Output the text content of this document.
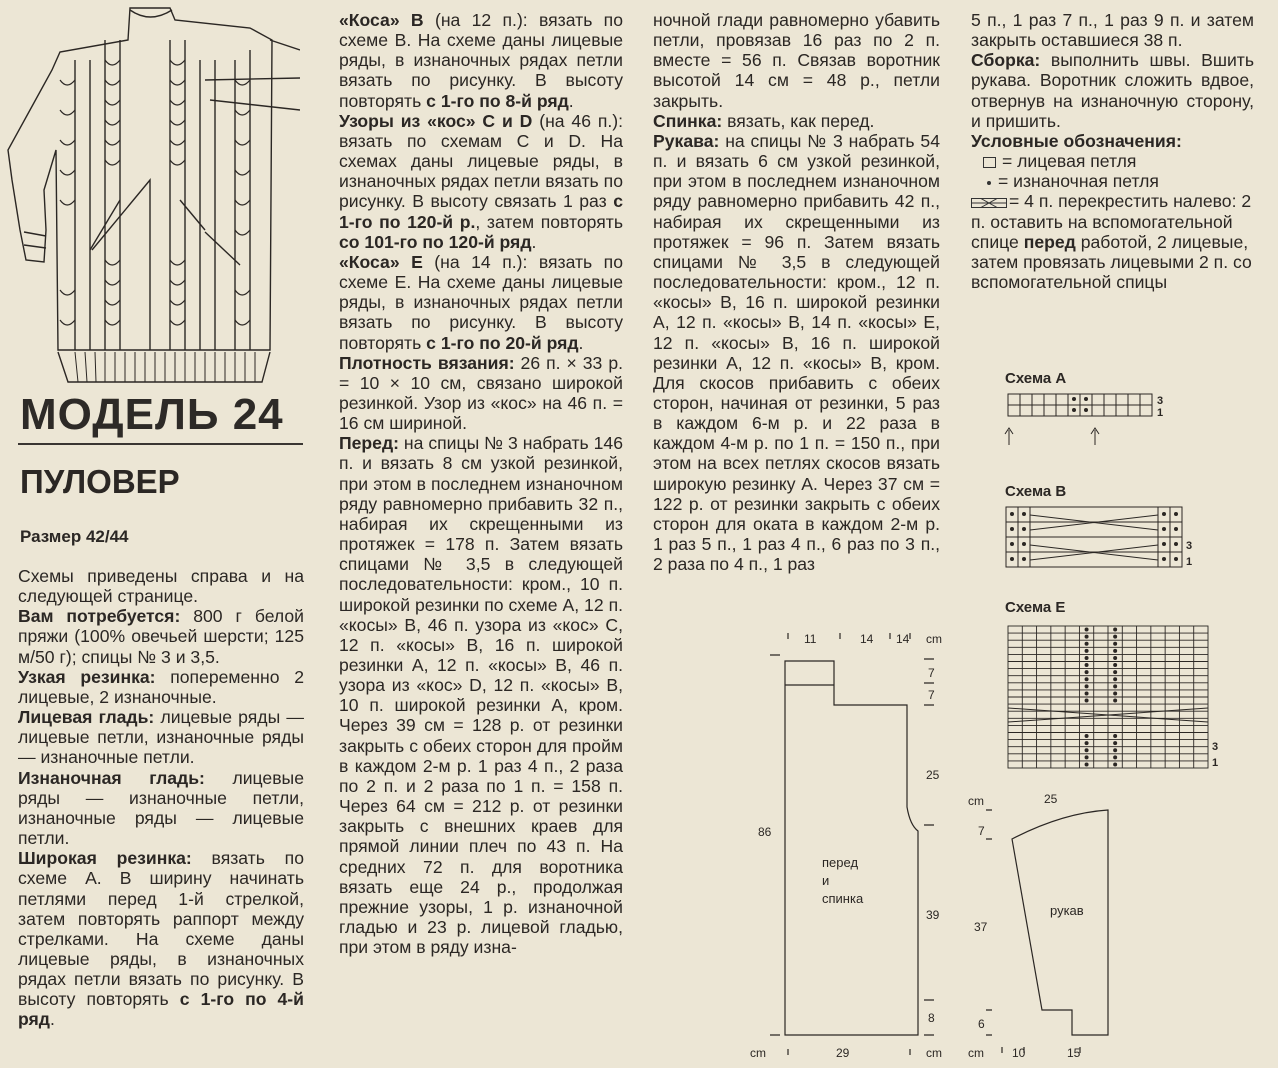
МОДЕЛЬ 24
ПУЛОВЕР
Размер 42/44

Схемы приведены справа и на следующей странице.

Вам потребуется: 800 г белой пряжи (100% овечьей шерсти; 125 м/50 г); спицы № 3 и 3,5.

Узкая резинка: попеременно 2 лицевые, 2 изнаночные.

Лицевая гладь: лицевые ряды — лицевые петли, изнаночные ряды — изнаночные петли.

Изнаночная гладь: лицевые ряды — изнаночные петли, изнаночные ряды — лицевые петли.

Широкая резинка: вязать по схеме А. В ширину начинать петлями перед 1-й стрелкой, затем повторять раппорт между стрелками. На схеме даны лицевые ряды, в изнаночных рядах петли вязать по рисунку. В высоту повторять с 1-го по 4-й ряд.

«Коса» В (на 12 п.): вязать по схеме В. На схеме даны лицевые ряды, в изнаночных рядах петли вязать по рисунку. В высоту повторять с 1-го по 8-й ряд.

Узоры из «кос» С и D (на 46 п.): вязать по схемам С и D. На схемах даны лицевые ряды, в изнаночных рядах петли вязать по рисунку. В высоту связать 1 раз с 1-го по 120-й р., затем повторять со 101-го по 120-й ряд.

«Коса» Е (на 14 п.): вязать по схеме Е. На схеме даны лицевые ряды, в изнаночных рядах петли вязать по рисунку. В высоту повторять с 1-го по 20-й ряд.

Плотность вязания: 26 п. × 33 р. = 10 × 10 см, связано широкой резинкой. Узор из «кос» на 46 п. = 16 см шириной.

Перед: на спицы № 3 набрать 146 п. и вязать 8 см узкой резинкой, при этом в последнем изнаночном ряду равномерно прибавить 32 п., набирая их скрещенными из протяжек = 178 п. Затем вязать спицами № 3,5 в следующей последовательности: кром., 10 п. широкой резинки по схеме А, 12 п. «косы» В, 46 п. узора из «кос» С, 12 п. «косы» В, 16 п. широкой резинки А, 12 п. «косы» В, 46 п. узора из «кос» D, 12 п. «косы» В, 10 п. широкой резинки А, кром. Через 39 см = 128 р. от резинки закрыть с обеих сторон для пройм в каждом 2-м р. 1 раз 4 п., 2 раза по 2 п. и 2 раза по 1 п. = 158 п. Через 64 см = 212 р. от резинки закрыть с внешних краев для прямой линии плеч по 43 п. На средних 72 п. для воротника вязать еще 24 р., продолжая прежние узоры, 1 р. изнаночной гладью и 23 р. лицевой гладью, при этом в ряду изна-

ночной глади равномерно убавить петли, провязав 16 раз по 2 п. вместе = 56 п. Связав воротник высотой 14 см = 48 р., петли закрыть.

Спинка: вязать, как перед.

Рукава: на спицы № 3 набрать 54 п. и вязать 6 см узкой резинкой, при этом в последнем изнаночном ряду равномерно прибавить 42 п., набирая их скрещенными из протяжек = 96 п. Затем вязать спицами № 3,5 в следующей последовательности: кром., 12 п. «косы» В, 16 п. широкой резинки А, 12 п. «косы» В, 14 п. «косы» Е, 12 п. «косы» В, 16 п. широкой резинки А, 12 п. «косы» В, кром. Для скосов прибавить с обеих сторон, начиная от резинки, 5 раз в каждом 6-м р. и 22 раза в каждом 4-м р. по 1 п. = 150 п., при этом на всех петлях скосов вязать широкую резинку А. Через 37 см = 122 р. от резинки закрыть с обеих сторон для оката в каждом 2-м р. 1 раз 5 п., 1 раз 4 п., 6 раз по 3 п., 2 раза по 4 п., 1 раз

5 п., 1 раз 7 п., 1 раз 9 п. и затем закрыть оставшиеся 38 п.

Сборка: выполнить швы. Вшить рукава. Воротник сложить вдвое, отвернув на изнаночную сторону, и пришить.

Условные обозначения:

= лицевая петля

= изнаночная петля

= 4 п. перекрестить налево: 2 п. оставить на вспомогательной спице перед работой, 2 лицевые, затем провязать лицевыми 2 п. со вспомогательной спицы

Схема А
3
1
Схема В
3
1
Схема Е
3
1
11	14 14 cm
7
7
25
39
8
86
перед
и
спинка
cm	29	cm
cm	25
7
37
6
рукав
cm 10	15
